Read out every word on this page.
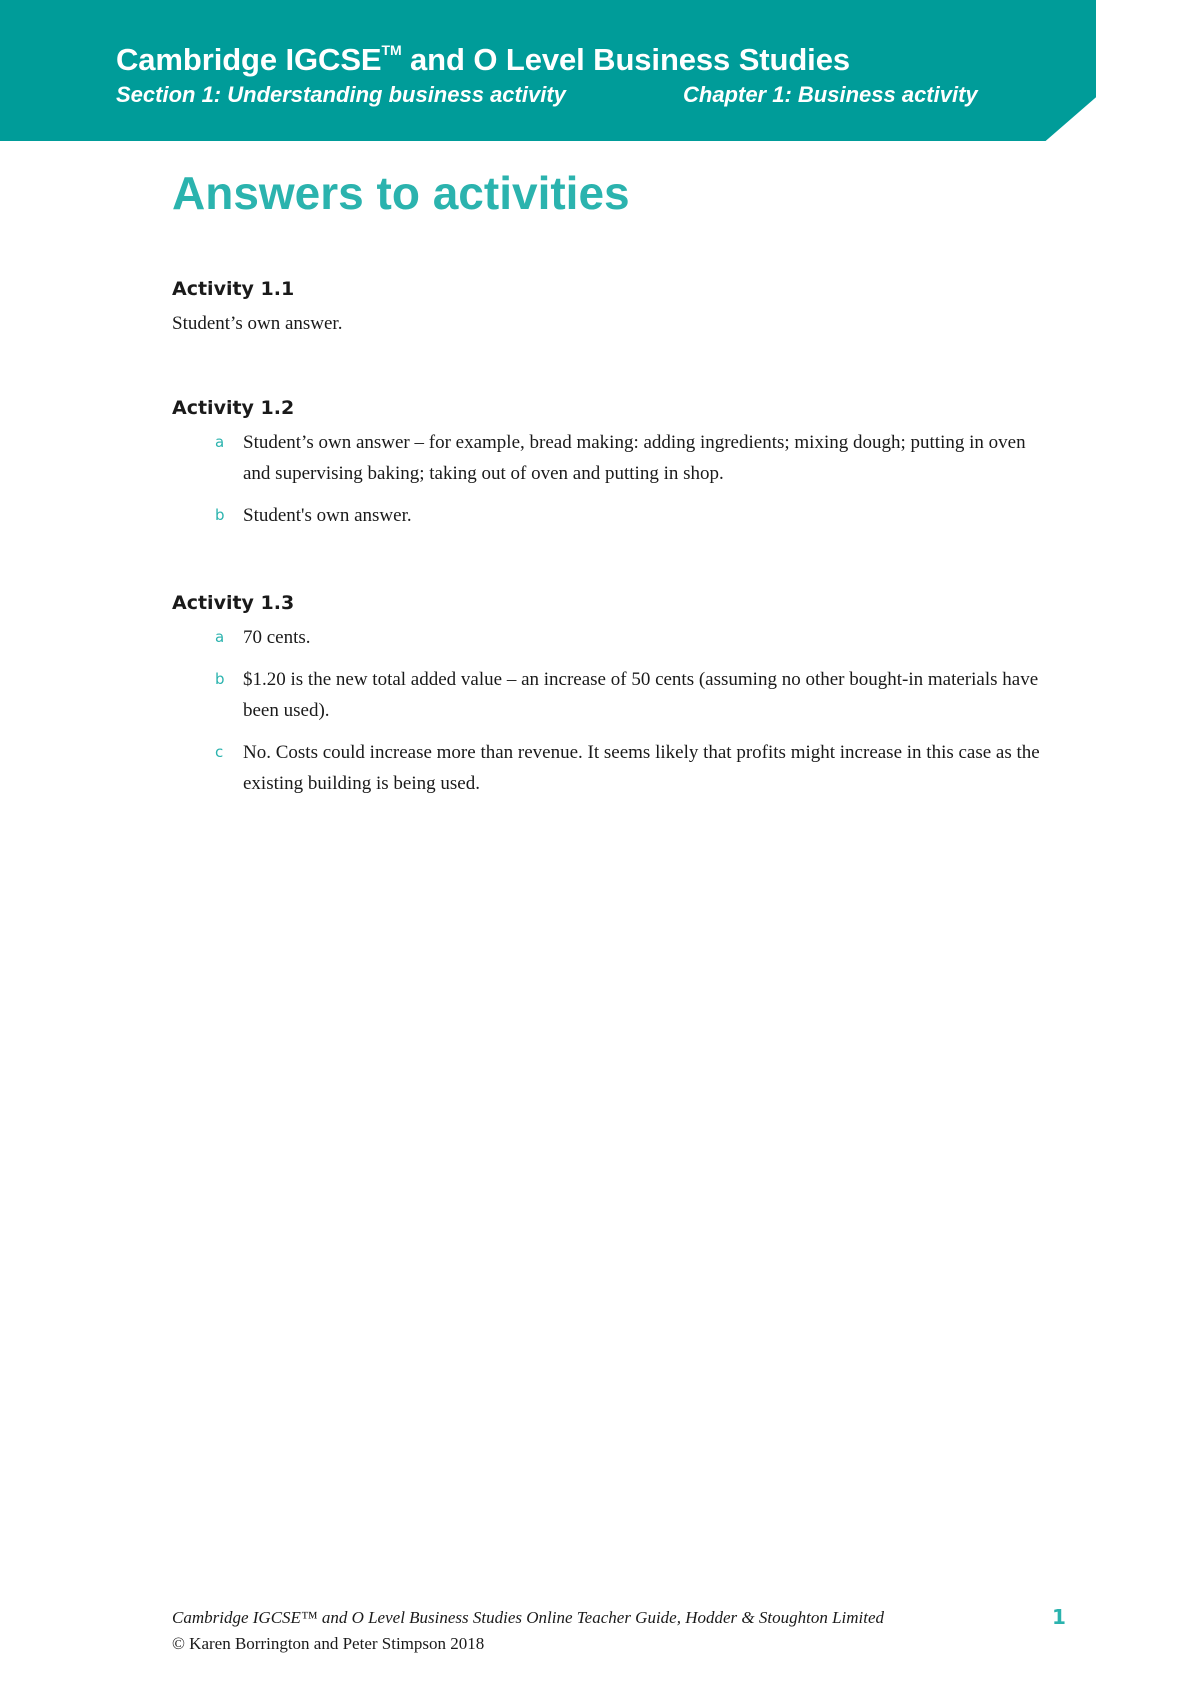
Cambridge IGCSE™ and O Level Business Studies
Section 1: Understanding business activity	Chapter 1: Business activity
Answers to activities
Activity 1.1

Student’s own answer.

Activity 1.2
a Student’s own answer – for example, bread making: adding ingredients; mixing dough; putting in oven and supervising baking; taking out of oven and putting in shop.
b Student's own answer.
Activity 1.3
a 70 cents.
b $1.20 is the new total added value – an increase of 50 cents (assuming no other bought-in materials have been used).
c No. Costs could increase more than revenue. It seems likely that profits might increase in this case as the existing building is being used.
Cambridge IGCSE™ and O Level Business Studies Online Teacher Guide, Hodder & Stoughton Limited
© Karen Borrington and Peter Stimpson 2018
1
